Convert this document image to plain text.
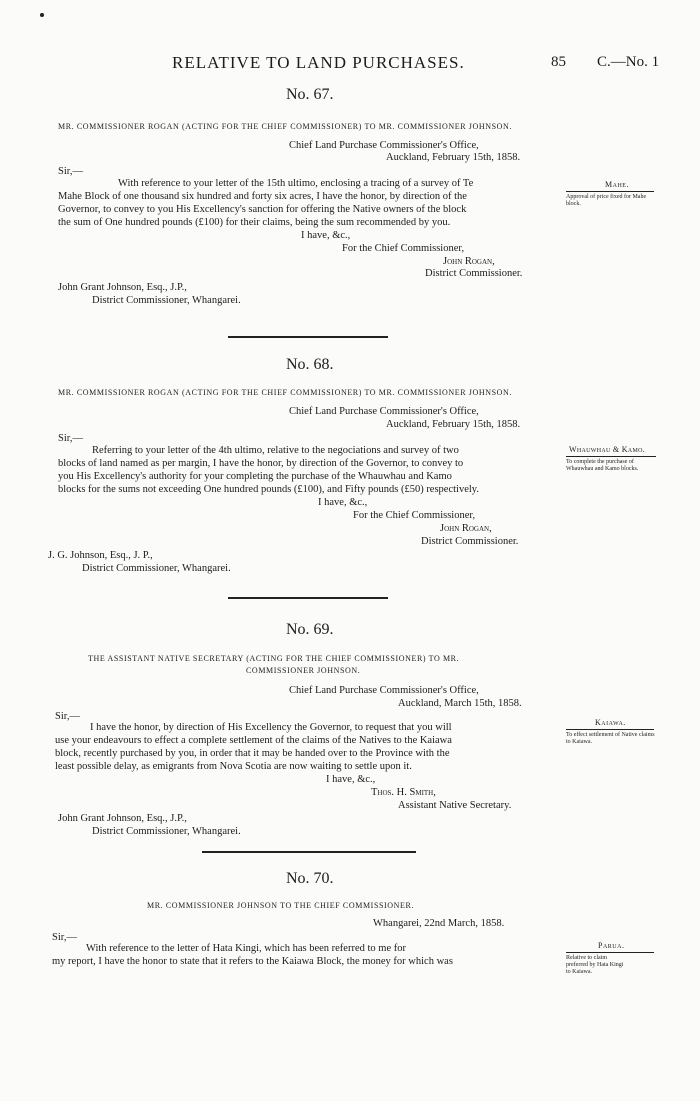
RELATIVE TO LAND PURCHASES.	85 C.—No. 1
No. 67.
MR. COMMISSIONER ROGAN (ACTING FOR THE CHIEF COMMISSIONER) TO MR. COMMISSIONER JOHNSON.
Chief Land Purchase Commissioner's Office,
Auckland, February 15th, 1858.
Sir,—
With reference to your letter of the 15th ultimo, enclosing a tracing of a survey of Te
Mahe Block of one thousand six hundred and forty six acres, I have the honor, by direction of the
Governor, to convey to you His Excellency's sanction for offering the Native owners of the block
the sum of One hundred pounds (£100) for their claims, being the sum recommended by you.
I have, &c.,
For the Chief Commissioner,
John Rogan,
District Commissioner.
John Grant Johnson, Esq., J.P.,
District Commissioner, Whangarei.
Mahe.
Approval of price fixed for Mahe block.
No. 68.
MR. COMMISSIONER ROGAN (ACTING FOR THE CHIEF COMMISSIONER) TO MR. COMMISSIONER JOHNSON.
Chief Land Purchase Commissioner's Office,
Auckland, February 15th, 1858.
Sir,—
Referring to your letter of the 4th ultimo, relative to the negociations and survey of two
blocks of land named as per margin, I have the honor, by direction of the Governor, to convey to
you His Excellency's authority for your completing the purchase of the Whauwhau and Kamo
blocks for the sums not exceeding One hundred pounds (£100), and Fifty pounds (£50) respectively.
I have, &c.,
For the Chief Commissioner,
John Rogan,
District Commissioner.
J. G. Johnson, Esq., J. P.,
District Commissioner, Whangarei.
Whauwhau & Kamo.
To complete the purchase of Whauwhau and Kamo blocks.
No. 69.
THE ASSISTANT NATIVE SECRETARY (ACTING FOR THE CHIEF COMMISSIONER) TO MR.
COMMISSIONER JOHNSON.
Chief Land Purchase Commissioner's Office,
Auckland, March 15th, 1858.
Sir,—
I have the honor, by direction of His Excellency the Governor, to request that you will
use your endeavours to effect a complete settlement of the claims of the Natives to the Kaiawa
block, recently purchased by you, in order that it may be handed over to the Province with the
least possible delay, as emigrants from Nova Scotia are now waiting to settle upon it.
I have, &c.,
Thos. H. Smith,
Assistant Native Secretary.
John Grant Johnson, Esq., J.P.,
District Commissioner, Whangarei.
Kaiawa.
To effect settlement of Native claims to Kaiawa.
No. 70.
MR. COMMISSIONER JOHNSON TO THE CHIEF COMMISSIONER.
Whangarei, 22nd March, 1858.
Sir,—
With reference to the letter of Hata Kingi, which has been referred to me for
my report, I have the honor to state that it refers to the Kaiawa Block, the money for which was
Parua.
Relative to claim preferred by Hata Kingi to Kaiawa.
